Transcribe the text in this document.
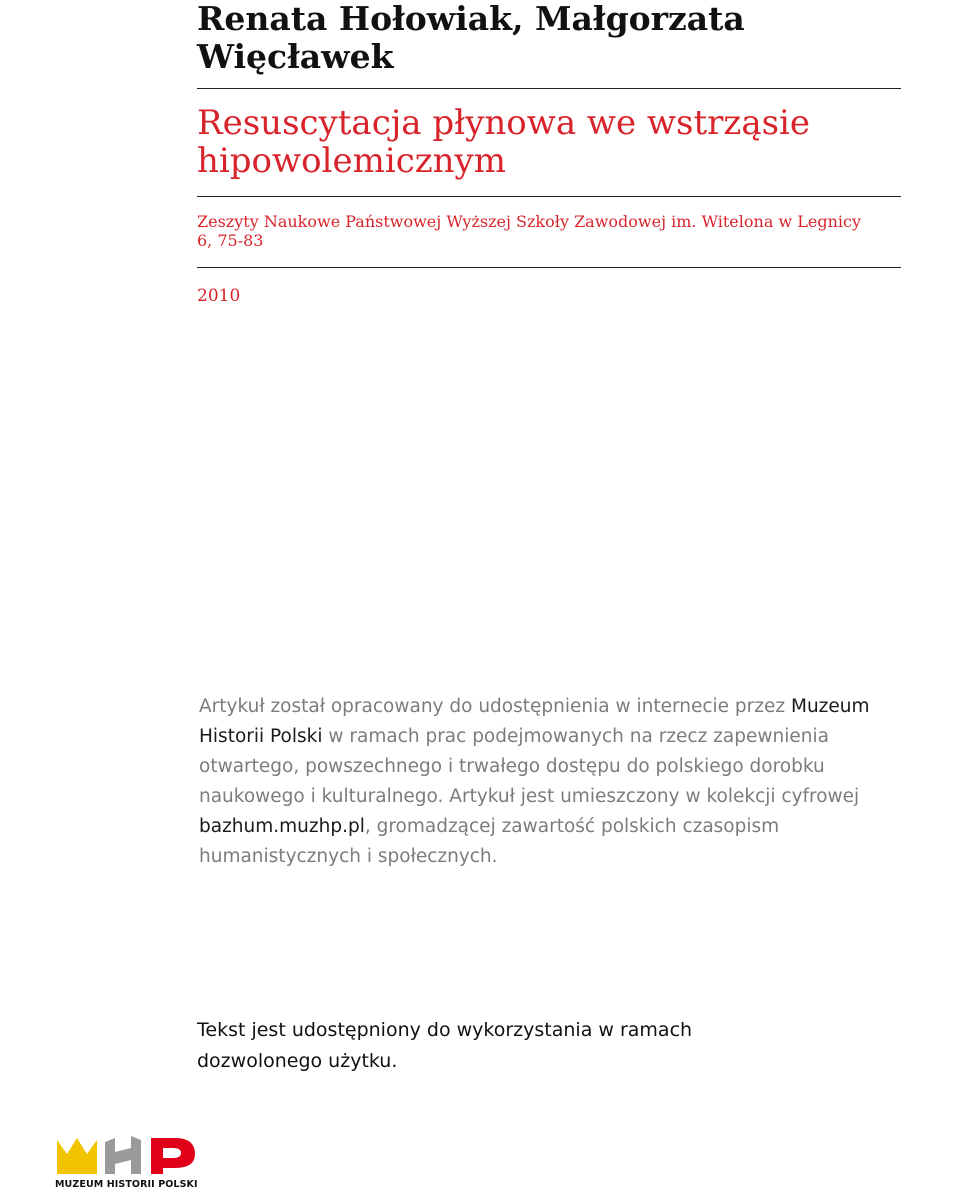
Renata Hołowiak, Małgorzata Więcławek
Resuscytacja płynowa we wstrząsie hipowolemicznym
Zeszyty Naukowe Państwowej Wyższej Szkoły Zawodowej im. Witelona w Legnicy 6, 75-83
2010
Artykuł został opracowany do udostępnienia w internecie przez Muzeum Historii Polski w ramach prac podejmowanych na rzecz zapewnienia otwartego, powszechnego i trwałego dostępu do polskiego dorobku naukowego i kulturalnego. Artykuł jest umieszczony w kolekcji cyfrowej bazhum.muzhp.pl, gromadzącej zawartość polskich czasopism humanistycznych i społecznych.
Tekst jest udostępniony do wykorzystania w ramach dozwolonego użytku.
MUZEUM HISTORII POLSKI
